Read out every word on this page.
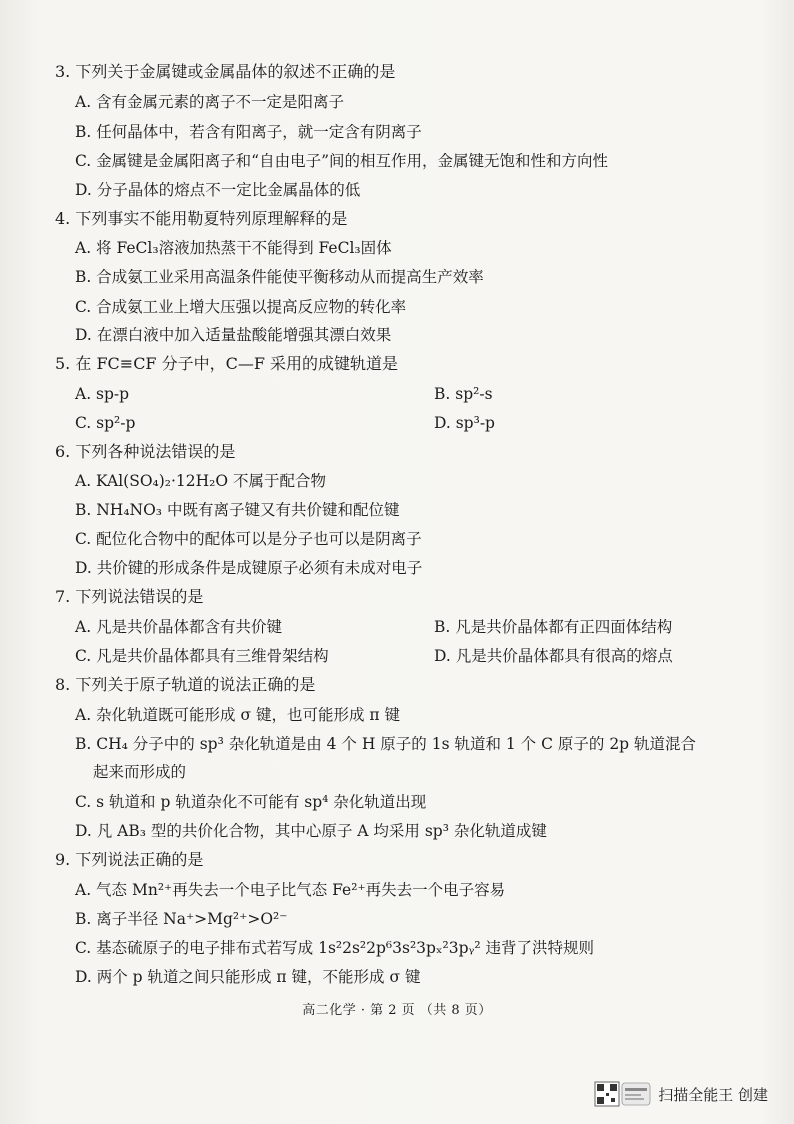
3. 下列关于金属键或金属晶体的叙述不正确的是
A. 含有金属元素的离子不一定是阳离子
B. 任何晶体中，若含有阳离子，就一定含有阴离子
C. 金属键是金属阳离子和“自由电子”间的相互作用，金属键无饱和性和方向性
D. 分子晶体的熔点不一定比金属晶体的低
4. 下列事实不能用勒夏特列原理解释的是
A. 将 FeCl₃溶液加热蒸干不能得到 FeCl₃固体
B. 合成氨工业采用高温条件能使平衡移动从而提高生产效率
C. 合成氨工业上增大压强以提高反应物的转化率
D. 在漂白液中加入适量盐酸能增强其漂白效果
5. 在 FC≡CF 分子中，C—F 采用的成键轨道是
A. sp-p	B. sp²-s
C. sp²-p	D. sp³-p
6. 下列各种说法错误的是
A. KAl(SO₄)₂·12H₂O 不属于配合物
B. NH₄NO₃ 中既有离子键又有共价键和配位键
C. 配位化合物中的配体可以是分子也可以是阴离子
D. 共价键的形成条件是成键原子必须有未成对电子
7. 下列说法错误的是
A. 凡是共价晶体都含有共价键	B. 凡是共价晶体都有正四面体结构
C. 凡是共价晶体都具有三维骨架结构	D. 凡是共价晶体都具有很高的熔点
8. 下列关于原子轨道的说法正确的是
A. 杂化轨道既可能形成 σ 键，也可能形成 π 键
B. CH₄ 分子中的 sp³ 杂化轨道是由 4 个 H 原子的 1s 轨道和 1 个 C 原子的 2p 轨道混合
起来而形成的
C. s 轨道和 p 轨道杂化不可能有 sp⁴ 杂化轨道出现
D. 凡 AB₃ 型的共价化合物，其中心原子 A 均采用 sp³ 杂化轨道成键
9. 下列说法正确的是
A. 气态 Mn²⁺再失去一个电子比气态 Fe²⁺再失去一个电子容易
B. 离子半径 Na⁺>Mg²⁺>O²⁻
C. 基态硫原子的电子排布式若写成 1s²2s²2p⁶3s²3pₓ²3pᵧ² 违背了洪特规则
D. 两个 p 轨道之间只能形成 π 键，不能形成 σ 键
高二化学 · 第 2 页 （共 8 页）
扫描全能王 创建
